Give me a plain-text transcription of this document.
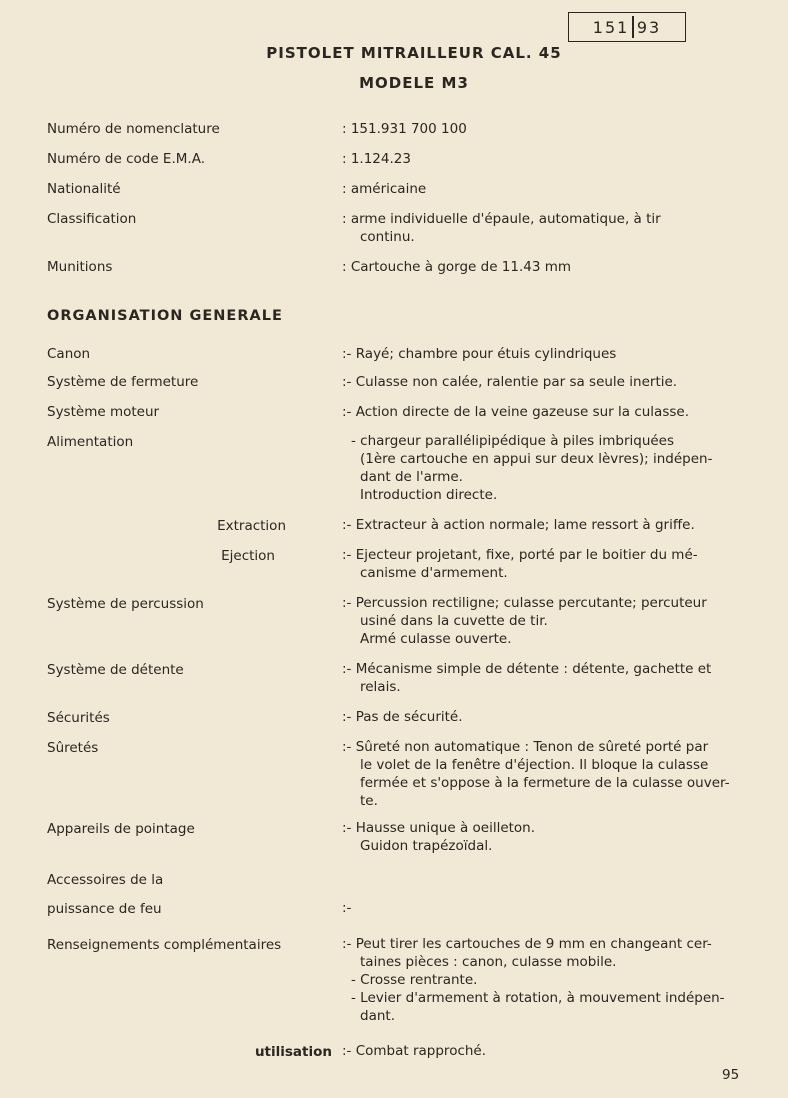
151 93
PISTOLET MITRAILLEUR CAL. 45
MODELE M3
Numéro de nomenclature	: 151.931 700 100
Numéro de code E.M.A.	: 1.124.23
Nationalité	: américaine
Classification	: arme individuelle d'épaule, automatique, à tir
continu.
Munitions	: Cartouche à gorge de 11.43 mm
ORGANISATION GENERALE
Canon	:- Rayé; chambre pour étuis cylindriques
Système de fermeture	:- Culasse non calée, ralentie par sa seule inertie.
Système moteur	:- Action directe de la veine gazeuse sur la culasse.
Alimentation	- chargeur parallélipipédique à piles imbriquées
(1ère cartouche en appui sur deux lèvres); indépen-
dant de l'arme.
Introduction directe.
Extraction	:- Extracteur à action normale; lame ressort à griffe.
Ejection	:- Ejecteur projetant, fixe, porté par le boitier du mé-
canisme d'armement.
Système de percussion	:- Percussion rectiligne; culasse percutante; percuteur
usiné dans la cuvette de tir.
Armé culasse ouverte.
Système de détente	:- Mécanisme simple de détente : détente, gachette et
relais.
Sécurités	:- Pas de sécurité.
Sûretés	:- Sûreté non automatique : Tenon de sûreté porté par
le volet de la fenêtre d'éjection. Il bloque la culasse
fermée et s'oppose à la fermeture de la culasse ouver-
te.
Appareils de pointage	:- Hausse unique à oeilleton.
Guidon trapézoïdal.
Accessoires de la
puissance de feu	:-
Renseignements complémentaires	:- Peut tirer les cartouches de 9 mm en changeant cer-
taines pièces : canon, culasse mobile.
- Crosse rentrante.
- Levier d'armement à rotation, à mouvement indépen-
dant.
utilisation :- Combat rapproché.
95
